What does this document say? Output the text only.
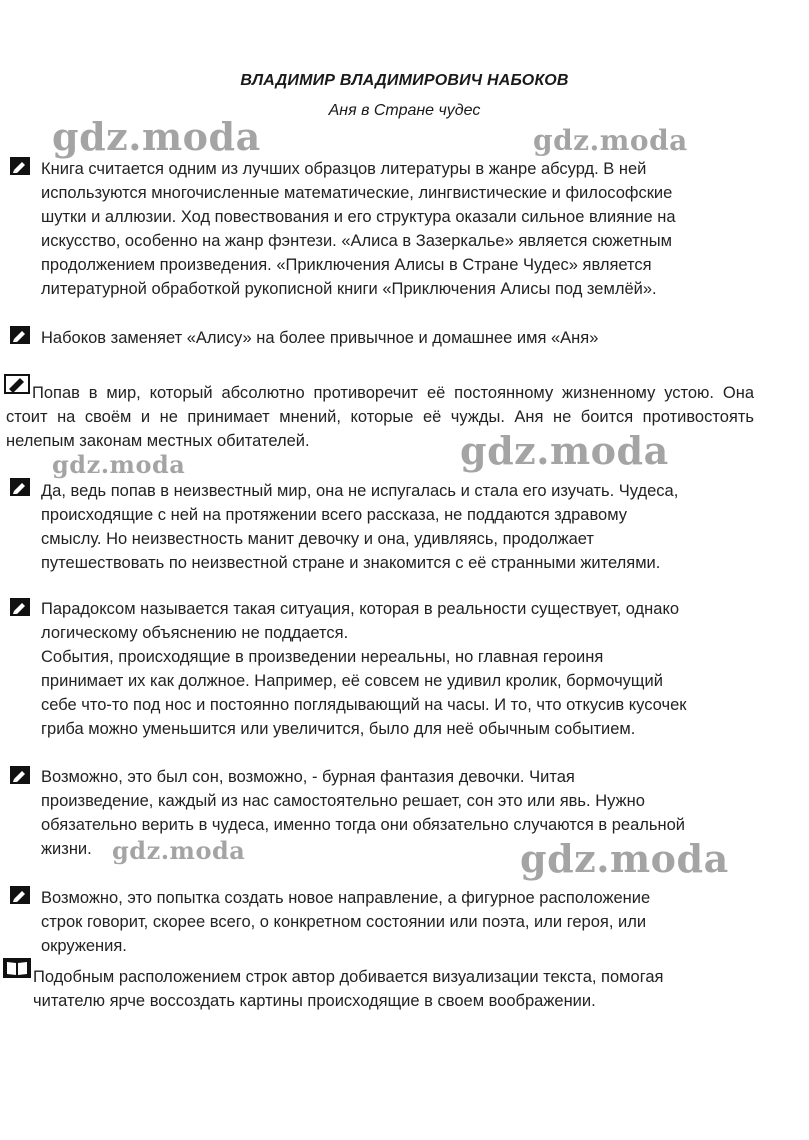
ВЛАДИМИР ВЛАДИМИРОВИЧ НАБОКОВ
Аня в Стране чудес

Книга считается одним из лучших образцов литературы в жанре абсурд. В ней

используются многочисленные математические, лингвистические и философские

шутки и аллюзии. Ход повествования и его структура оказали сильное влияние на

искусство, особенно на жанр фэнтези. «Алиса в Зазеркалье» является сюжетным

продолжением произведения. «Приключения Алисы в Стране Чудес» является

литературной обработкой рукописной книги «Приключения Алисы под землёй».

Набоков заменяет «Алису» на более привычное и домашнее имя «Аня»

Попав в мир, который абсолютно противоречит её постоянному жизненному устою. Она стоит на своём и не принимает мнений, которые её чужды. Аня не боится противостоять нелепым законам местных обитателей.

Да, ведь попав в неизвестный мир, она не испугалась и стала его изучать. Чудеса,

происходящие с ней на протяжении всего рассказа, не поддаются здравому

смыслу. Но неизвестность манит девочку и она, удивляясь, продолжает

путешествовать по неизвестной стране и знакомится с её странными жителями.

Парадоксом называется такая ситуация, которая в реальности существует, однако

логическому объяснению не поддается.

События, происходящие в произведении нереальны, но главная героиня

принимает их как должное. Например, её совсем не удивил кролик, бормочущий

себе что-то под нос и постоянно поглядывающий на часы. И то, что откусив кусочек

гриба можно уменьшится или увеличится, было для неё обычным событием.

Возможно, это был сон, возможно, - бурная фантазия девочки. Читая

произведение, каждый из нас самостоятельно решает, сон это или явь. Нужно

обязательно верить в чудеса, именно тогда они обязательно случаются в реальной

жизни.

Возможно, это попытка создать новое направление, а фигурное расположение

строк говорит, скорее всего, о конкретном состоянии или поэта, или героя, или

окружения.

Подобным расположением строк автор добивается визуализации текста, помогая

читателю ярче воссоздать картины происходящие в своем воображении.

gdz.moda	gdz.moda
gdz.moda
gdz.moda
gdz.moda	gdz.moda
